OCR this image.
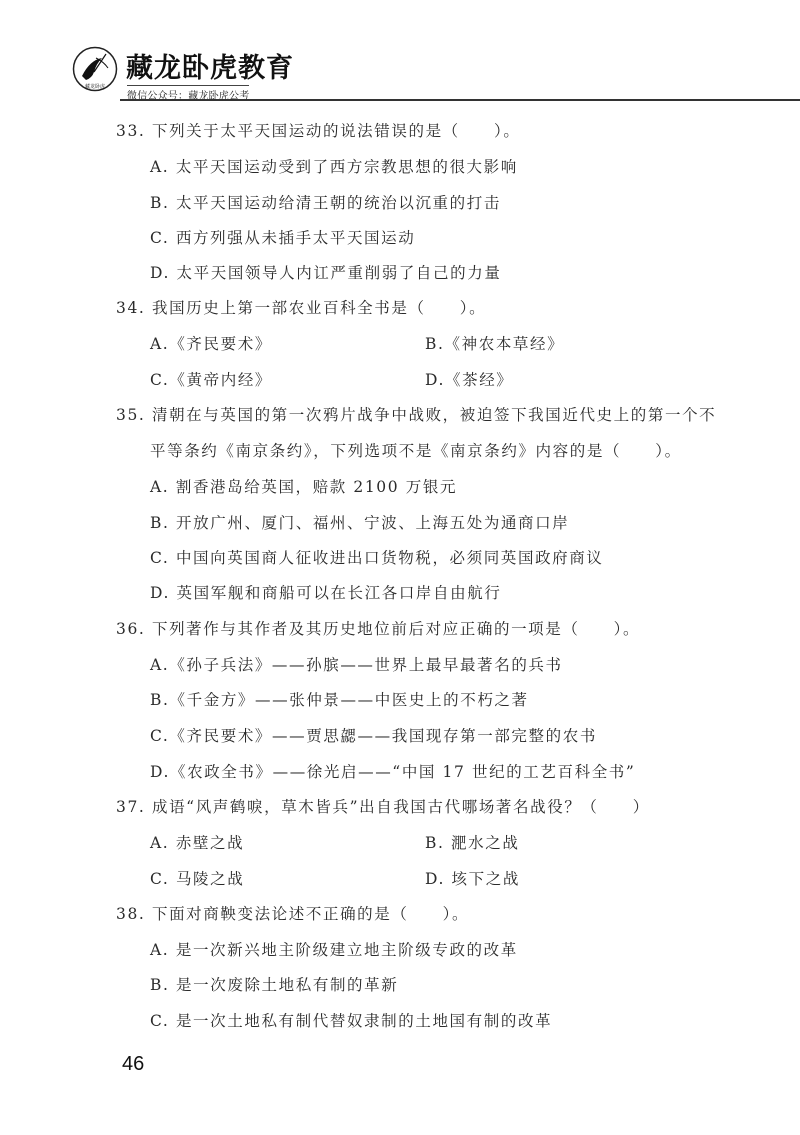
藏龙卧虎
藏龙卧虎教育
微信公众号：藏龙卧虎公考
33. 下列关于太平天国运动的说法错误的是（　　）。
A. 太平天国运动受到了西方宗教思想的很大影响
B. 太平天国运动给清王朝的统治以沉重的打击
C. 西方列强从未插手太平天国运动
D. 太平天国领导人内讧严重削弱了自己的力量
34. 我国历史上第一部农业百科全书是（　　）。
A.《齐民要术》	B.《神农本草经》
C.《黄帝内经》	D.《茶经》
35. 清朝在与英国的第一次鸦片战争中战败，被迫签下我国近代史上的第一个不
平等条约《南京条约》，下列选项不是《南京条约》内容的是（　　）。
A. 割香港岛给英国，赔款 2100 万银元
B. 开放广州、厦门、福州、宁波、上海五处为通商口岸
C. 中国向英国商人征收进出口货物税，必须同英国政府商议
D. 英国军舰和商船可以在长江各口岸自由航行
36. 下列著作与其作者及其历史地位前后对应正确的一项是（　　）。
A.《孙子兵法》——孙膑——世界上最早最著名的兵书
B.《千金方》——张仲景——中医史上的不朽之著
C.《齐民要术》——贾思勰——我国现存第一部完整的农书
D.《农政全书》——徐光启——“中国 17 世纪的工艺百科全书”
37. 成语“风声鹤唳，草木皆兵”出自我国古代哪场著名战役？（　　）
A. 赤壁之战	B. 淝水之战
C. 马陵之战	D. 垓下之战
38. 下面对商鞅变法论述不正确的是（　　）。
A. 是一次新兴地主阶级建立地主阶级专政的改革
B. 是一次废除土地私有制的革新
C. 是一次土地私有制代替奴隶制的土地国有制的改革
46
